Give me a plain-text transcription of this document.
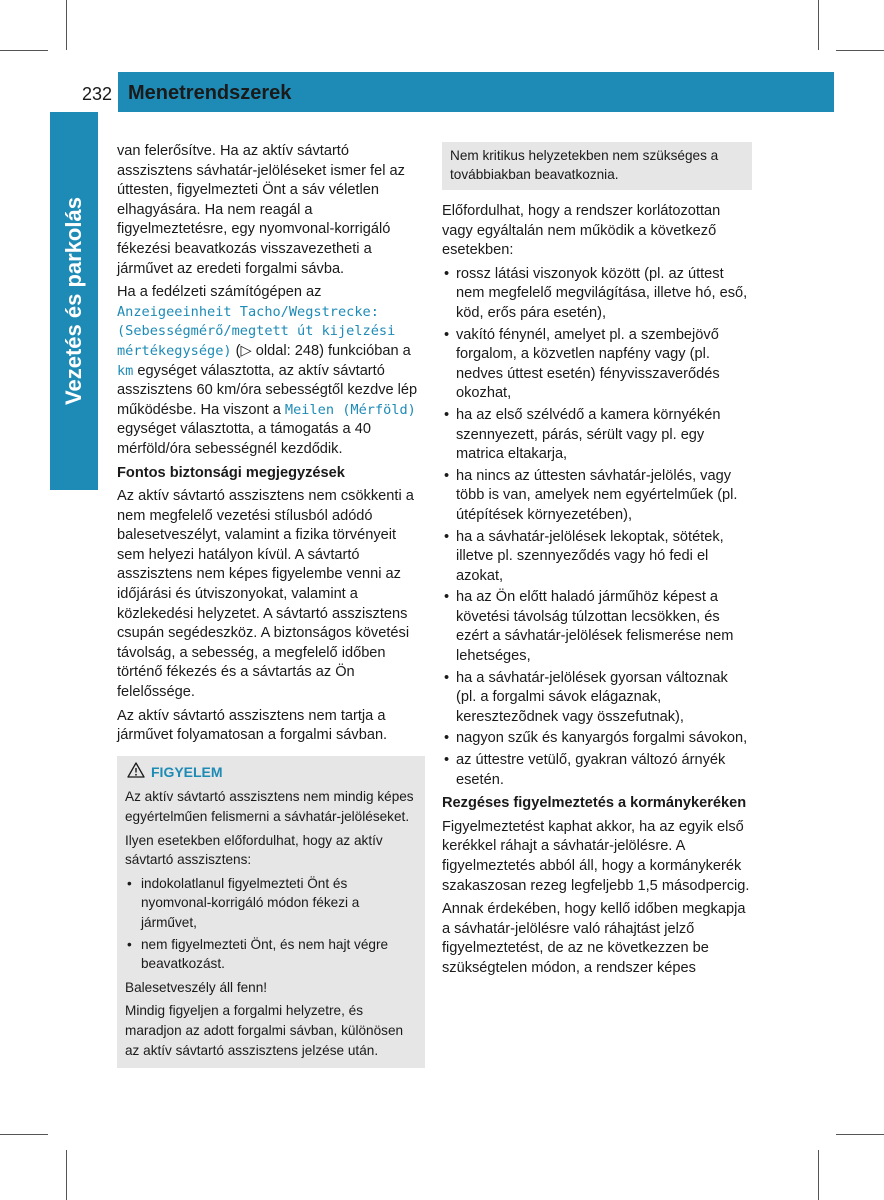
232 Menetrendszerek
Vezetés és parkolás

van felerősítve. Ha az aktív sávtartó asszisztens sávhatár-jelöléseket ismer fel az úttesten, figyelmezteti Önt a sáv véletlen elhagyására. Ha nem reagál a figyelmeztetésre, egy nyomvonal-korrigáló fékezési beavatkozás visszavezetheti a járművet az eredeti forgalmi sávba.

Ha a fedélzeti számítógépen az Anzeigeeinheit Tacho/Wegstrecke: (Sebességmérő/megtett út kijelzési mértékegysége) (▷ oldal: 248) funkcióban a km egységet választotta, az aktív sávtartó asszisztens 60 km/óra sebességtől kezdve lép működésbe. Ha viszont a Meilen (Mérföld) egységet választotta, a támogatás a 40 mérföld/óra sebességnél kezdődik.

Fontos biztonsági megjegyzések

Az aktív sávtartó asszisztens nem csökkenti a nem megfelelő vezetési stílusból adódó balesetveszélyt, valamint a fizika törvényeit sem helyezi hatályon kívül. A sávtartó asszisztens nem képes figyelembe venni az időjárási és útviszonyokat, valamint a közlekedési helyzetet. A sávtartó asszisztens csupán segédeszköz. A biztonságos követési távolság, a sebesség, a megfelelő időben történő fékezés és a sávtartás az Ön felelőssége.

Az aktív sávtartó asszisztens nem tartja a járművet folyamatosan a forgalmi sávban.

FIGYELEM

Az aktív sávtartó asszisztens nem mindig képes egyértelműen felismerni a sávhatár-jelöléseket.

Ilyen esetekben előfordulhat, hogy az aktív sávtartó asszisztens:

• indokolatlanul figyelmezteti Önt és nyomvonal-korrigáló módon fékezi a járművet,
• nem figyelmezteti Önt, és nem hajt végre beavatkozást.

Balesetveszély áll fenn!

Mindig figyeljen a forgalmi helyzetre, és maradjon az adott forgalmi sávban, különösen az aktív sávtartó asszisztens jelzése után.

Nem kritikus helyzetekben nem szükséges a továbbiakban beavatkoznia.

Előfordulhat, hogy a rendszer korlátozottan vagy egyáltalán nem működik a következő esetekben:

• rossz látási viszonyok között (pl. az úttest nem megfelelő megvilágítása, illetve hó, eső, köd, erős pára esetén),
• vakító fénynél, amelyet pl. a szembejövő forgalom, a közvetlen napfény vagy (pl. nedves úttest esetén) fényvisszaverődés okozhat,
• ha az első szélvédő a kamera környékén szennyezett, párás, sérült vagy pl. egy matrica eltakarja,
• ha nincs az úttesten sávhatár-jelölés, vagy több is van, amelyek nem egyértelműek (pl. útépítések környezetében),
• ha a sávhatár-jelölések lekoptak, sötétek, illetve pl. szennyeződés vagy hó fedi el azokat,
• ha az Ön előtt haladó járműhöz képest a követési távolság túlzottan lecsökken, és ezért a sávhatár-jelölések felismerése nem lehetséges,
• ha a sávhatár-jelölések gyorsan változnak (pl. a forgalmi sávok elágaznak, keresztezõdnek vagy összefutnak),
• nagyon szűk és kanyargós forgalmi sávokon,
• az úttestre vetülő, gyakran változó árnyék esetén.

Rezgéses figyelmeztetés a kormánykeréken

Figyelmeztetést kaphat akkor, ha az egyik első kerékkel ráhajt a sávhatár-jelölésre. A figyelmeztetés abból áll, hogy a kormánykerék szakaszosan rezeg legfeljebb 1,5 másodpercig.

Annak érdekében, hogy kellő időben megkapja a sávhatár-jelölésre való ráhajtást jelző figyelmeztetést, de az ne következzen be szükségtelen módon, a rendszer képes
